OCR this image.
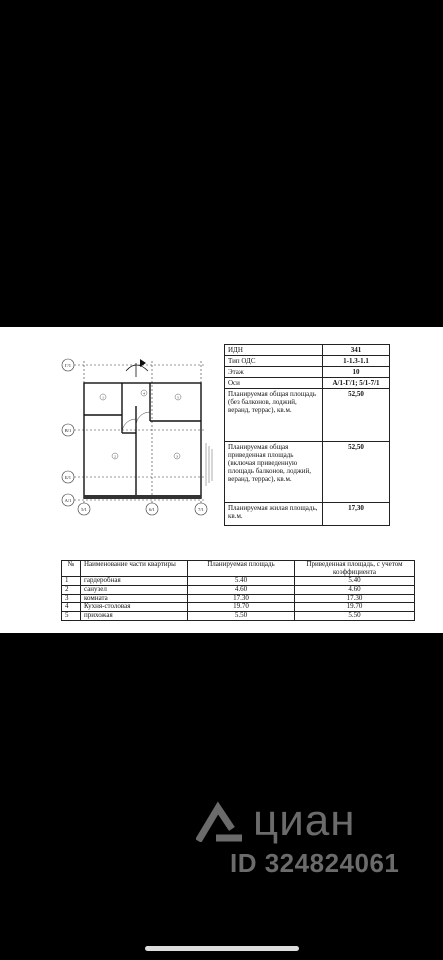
Г/1
В/1
Б/1
А/1
5/1	6/1	7/1
1
2	3
4
5
ИДН	341
Тип ОДС	1-1.3-1.1
Этаж	10
Оси	А/1-Г/1; 5/1-7/1
Планируемая общая площадь (без балконов, лоджий, веранд, террас), кв.м.	52,50
Планируемая общая приведенная площадь (включая приведенную площадь балконов, лоджий, веранд, террас), кв.м.	52,50
Планируемая жилая площадь, кв.м.	17,30
№	Наименование части квартиры	Планируемая площадь	Приведенная площадь, с учетом коэффициента
1	гардеробная	5.40	5.40
2	санузел	4.60	4.60
3	комната	17.30	17.30
4	Кухня-столовая	19.70	19.70
5	прихожая	5.50	5.50
циан
ID 324824061
